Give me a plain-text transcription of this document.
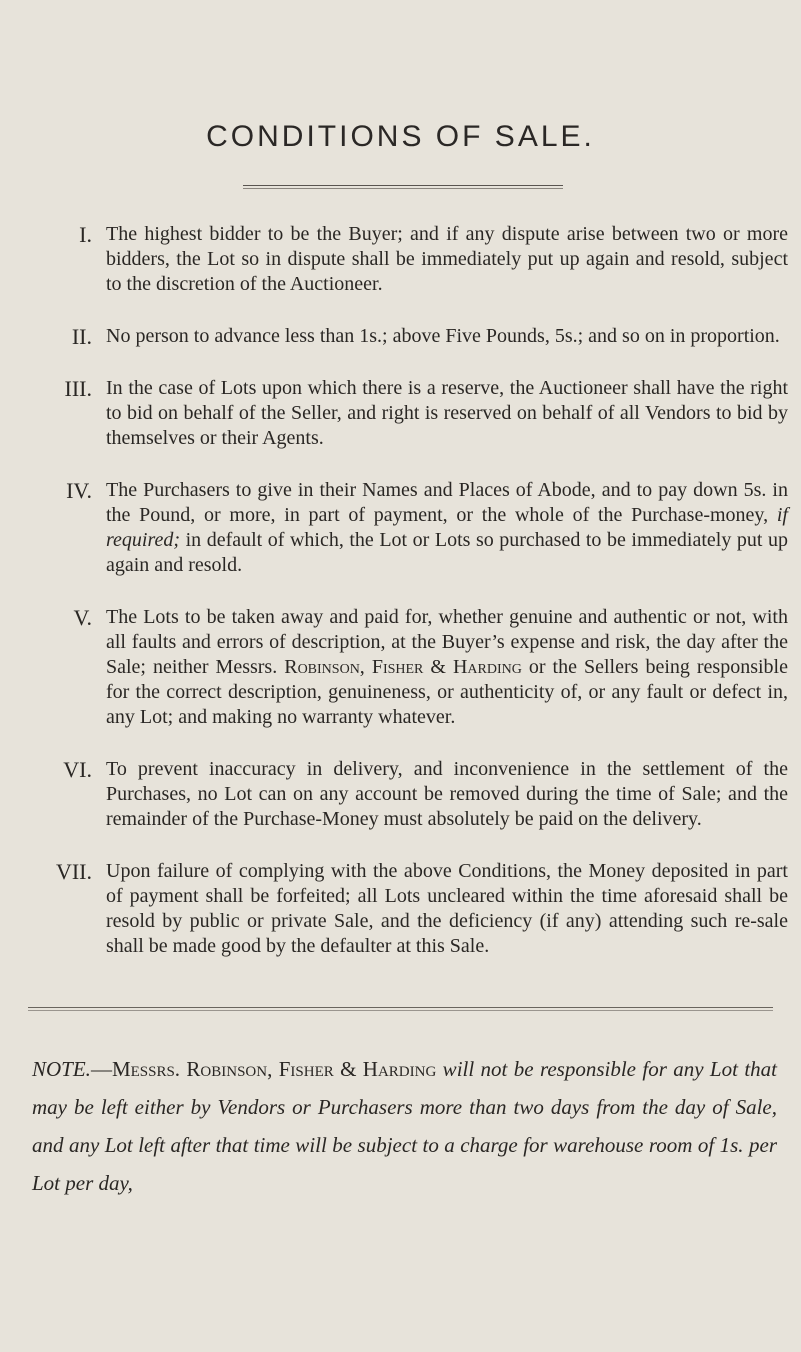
CONDITIONS OF SALE.
I. The highest bidder to be the Buyer; and if any dispute arise between two or more bidders, the Lot so in dispute shall be immediately put up again and resold, subject to the discretion of the Auctioneer.
II. No person to advance less than 1s.; above Five Pounds, 5s.; and so on in proportion.
III. In the case of Lots upon which there is a reserve, the Auctioneer shall have the right to bid on behalf of the Seller, and right is reserved on behalf of all Vendors to bid by themselves or their Agents.
IV. The Purchasers to give in their Names and Places of Abode, and to pay down 5s. in the Pound, or more, in part of payment, or the whole of the Purchase-money, if required; in default of which, the Lot or Lots so purchased to be immediately put up again and resold.
V. The Lots to be taken away and paid for, whether genuine and authentic or not, with all faults and errors of description, at the Buyer’s expense and risk, the day after the Sale; neither Messrs. Robinson, Fisher & Harding or the Sellers being responsible for the correct description, genuineness, or authenticity of, or any fault or defect in, any Lot; and making no warranty whatever.
VI. To prevent inaccuracy in delivery, and inconvenience in the settlement of the Purchases, no Lot can on any account be removed during the time of Sale; and the remainder of the Purchase-Money must absolutely be paid on the delivery.
VII. Upon failure of complying with the above Conditions, the Money deposited in part of payment shall be forfeited; all Lots uncleared within the time aforesaid shall be resold by public or private Sale, and the deficiency (if any) attending such re-sale shall be made good by the defaulter at this Sale.
NOTE.—Messrs. Robinson, Fisher & Harding will not be responsible for any Lot that may be left either by Vendors or Purchasers more than two days from the day of Sale, and any Lot left after that time will be subject to a charge for warehouse room of 1s. per Lot per day,
